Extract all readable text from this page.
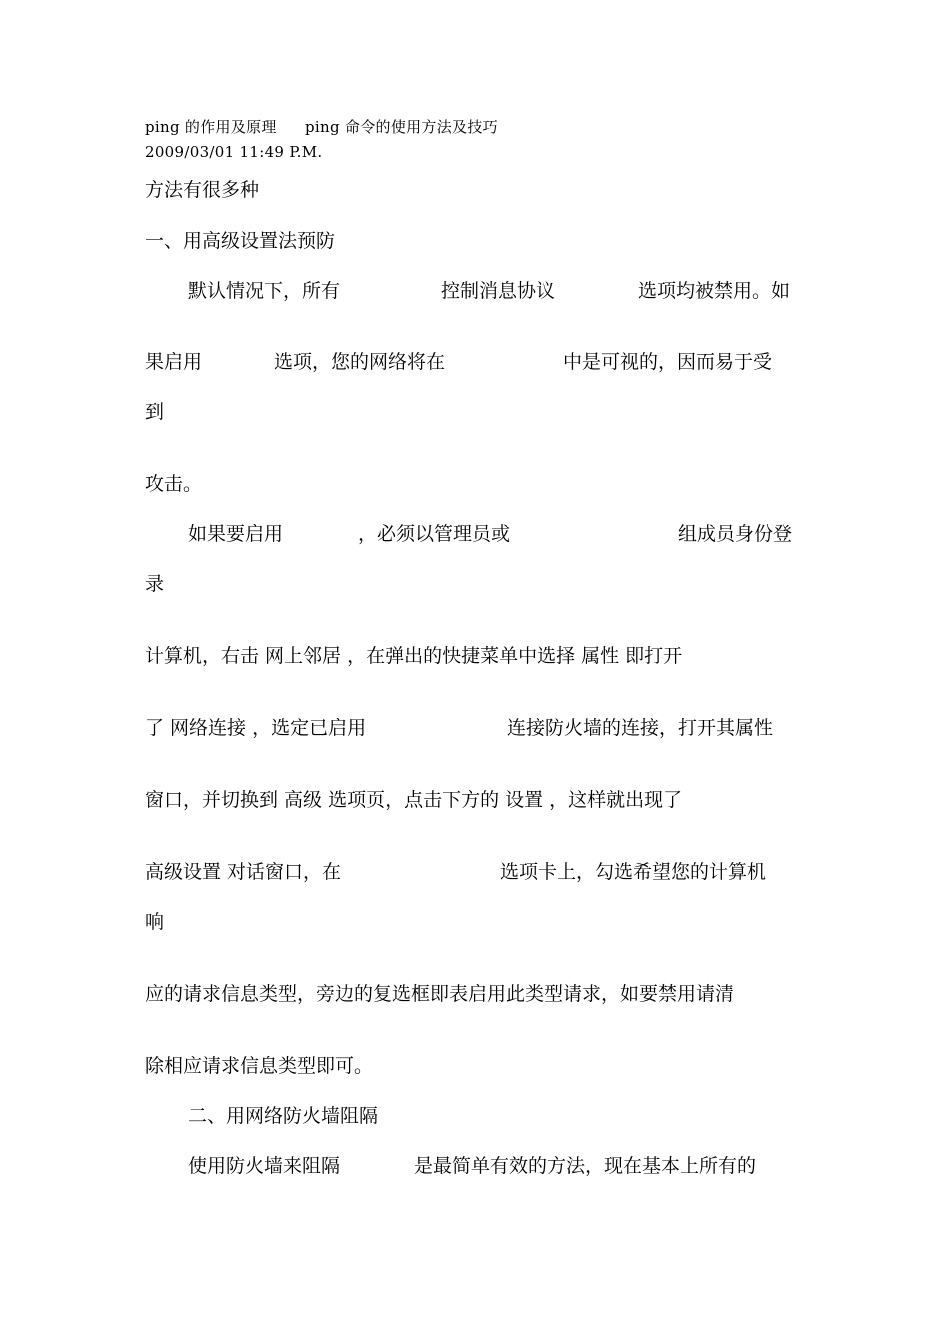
ping 的作用及原理 ping 命令的使用方法及技巧
2009/03/01 11:49 P.M.
方法有很多种
一、用高级设置法预防
默认情况下，所有	控制消息协议	选项均被禁用。如
果启用	选项，您的网络将在	中是可视的，因而易于受
到
攻击。
如果要启用	，必须以管理员或	组成员身份登
录
计算机，右击 网上邻居 ，在弹出的快捷菜单中选择 属性 即打开
了 网络连接 ，选定已启用	连接防火墙的连接，打开其属性
窗口，并切换到 高级 选项页，点击下方的 设置 ，这样就出现了
高级设置 对话窗口，在	选项卡上，勾选希望您的计算机
响
应的请求信息类型，旁边的复选框即表启用此类型请求，如要禁用请清
除相应请求信息类型即可。
二、用网络防火墙阻隔
使用防火墙来阻隔	是最简单有效的方法，现在基本上所有的
